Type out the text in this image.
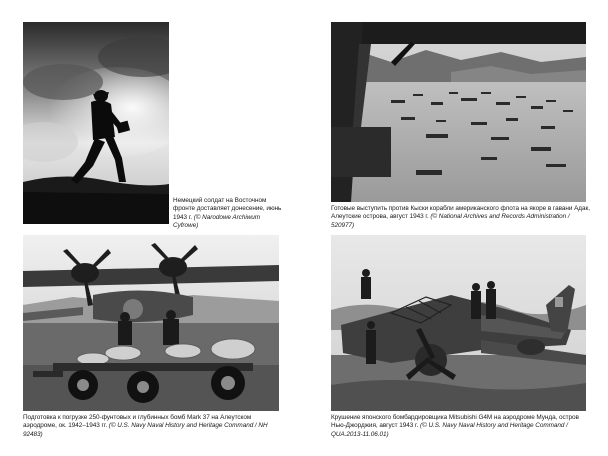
Немецкий солдат на Восточном фронте доставляет донесение, июнь 1943 г. (© Narodowe Archiwum Cyfrowe)
Готовые выступить против Кыски корабли американского флота на якоре в гавани Адак, Алеутские острова, август 1943 г. (© National Archives and Records Administration / 520977)
Подготовка к погрузке 250-фунтовых и глубинных бомб Mark 37 на Алеутском аэродроме, ок. 1942–1943 гг. (© U.S. Navy Naval History and Heritage Command / NH 92483)
Крушение японского бомбардировщика Mitsubishi G4M на аэродроме Мунда, остров Нью-Джорджия, август 1943 г. (© U.S. Navy Naval History and Heritage Command / QUA.2013-11.06.01)
